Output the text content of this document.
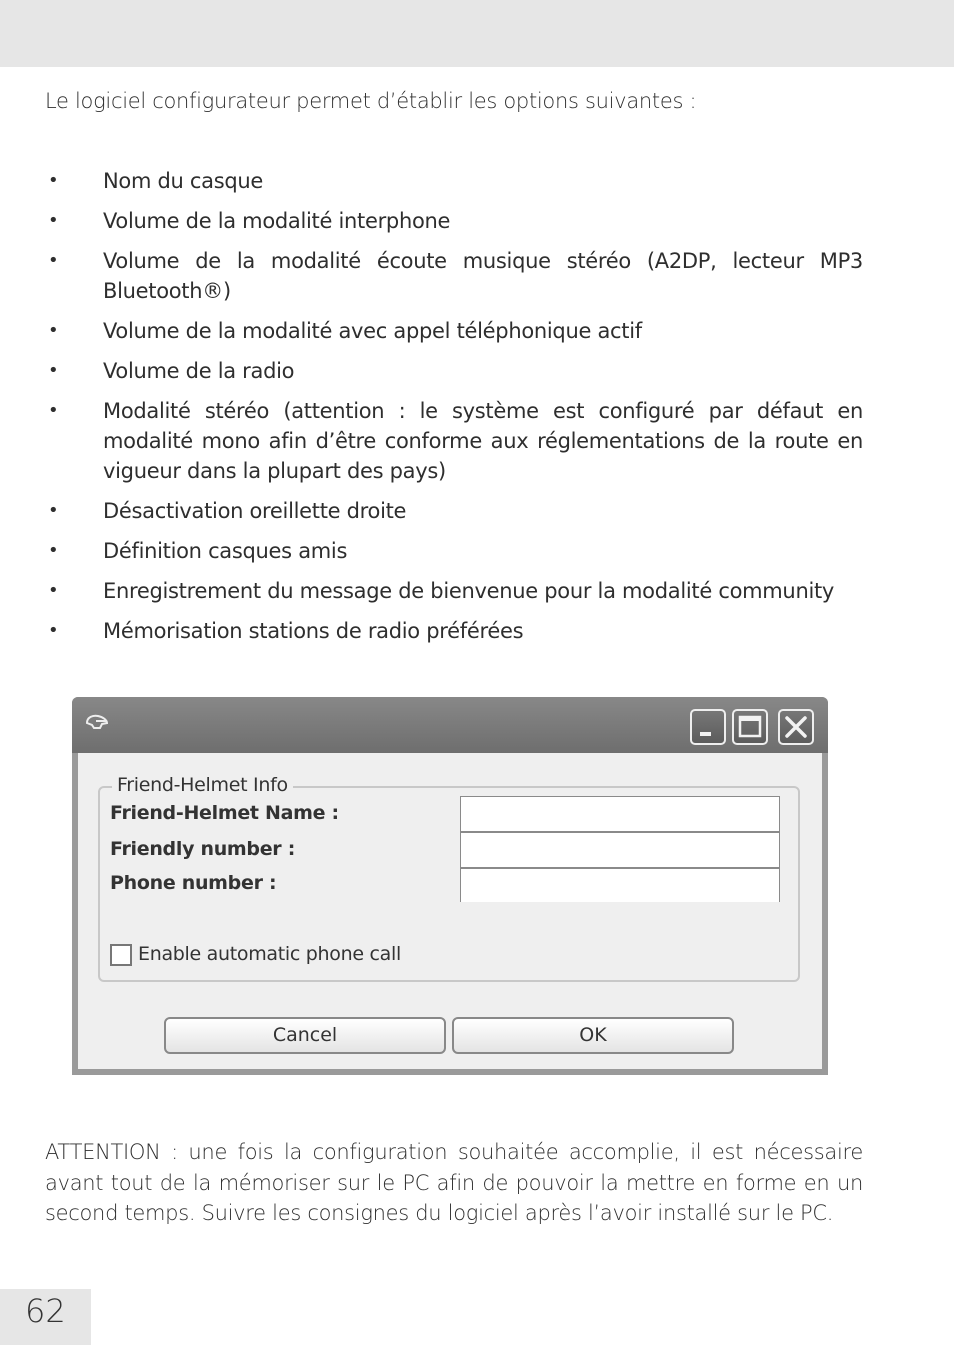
Le logiciel configurateur permet d’établir les options suivantes :
• Nom du casque
• Volume de la modalité interphone
• Volume de la modalité écoute musique stéréo (A2DP, lecteur MP3 Bluetooth®)
• Volume de la modalité avec appel téléphonique actif
• Volume de la radio
• Modalité stéréo (attention : le système est configuré par défaut en modalité mono afin d’être conforme aux réglementations de la route en vigueur dans la plupart des pays)
• Désactivation oreillette droite
• Définition casques amis
• Enregistrement du message de bienvenue pour la modalité community
• Mémorisation stations de radio préférées
Friend-Helmet Info
Friend-Helmet Name :
Friendly number :
Phone number :
Enable automatic phone call
Cancel	OK
ATTENTION : une fois la configuration souhaitée accomplie, il est nécessaire avant tout de la mémoriser sur le PC afin de pouvoir la mettre en forme en un second temps. Suivre les consignes du logiciel après l’avoir installé sur le PC.
62
